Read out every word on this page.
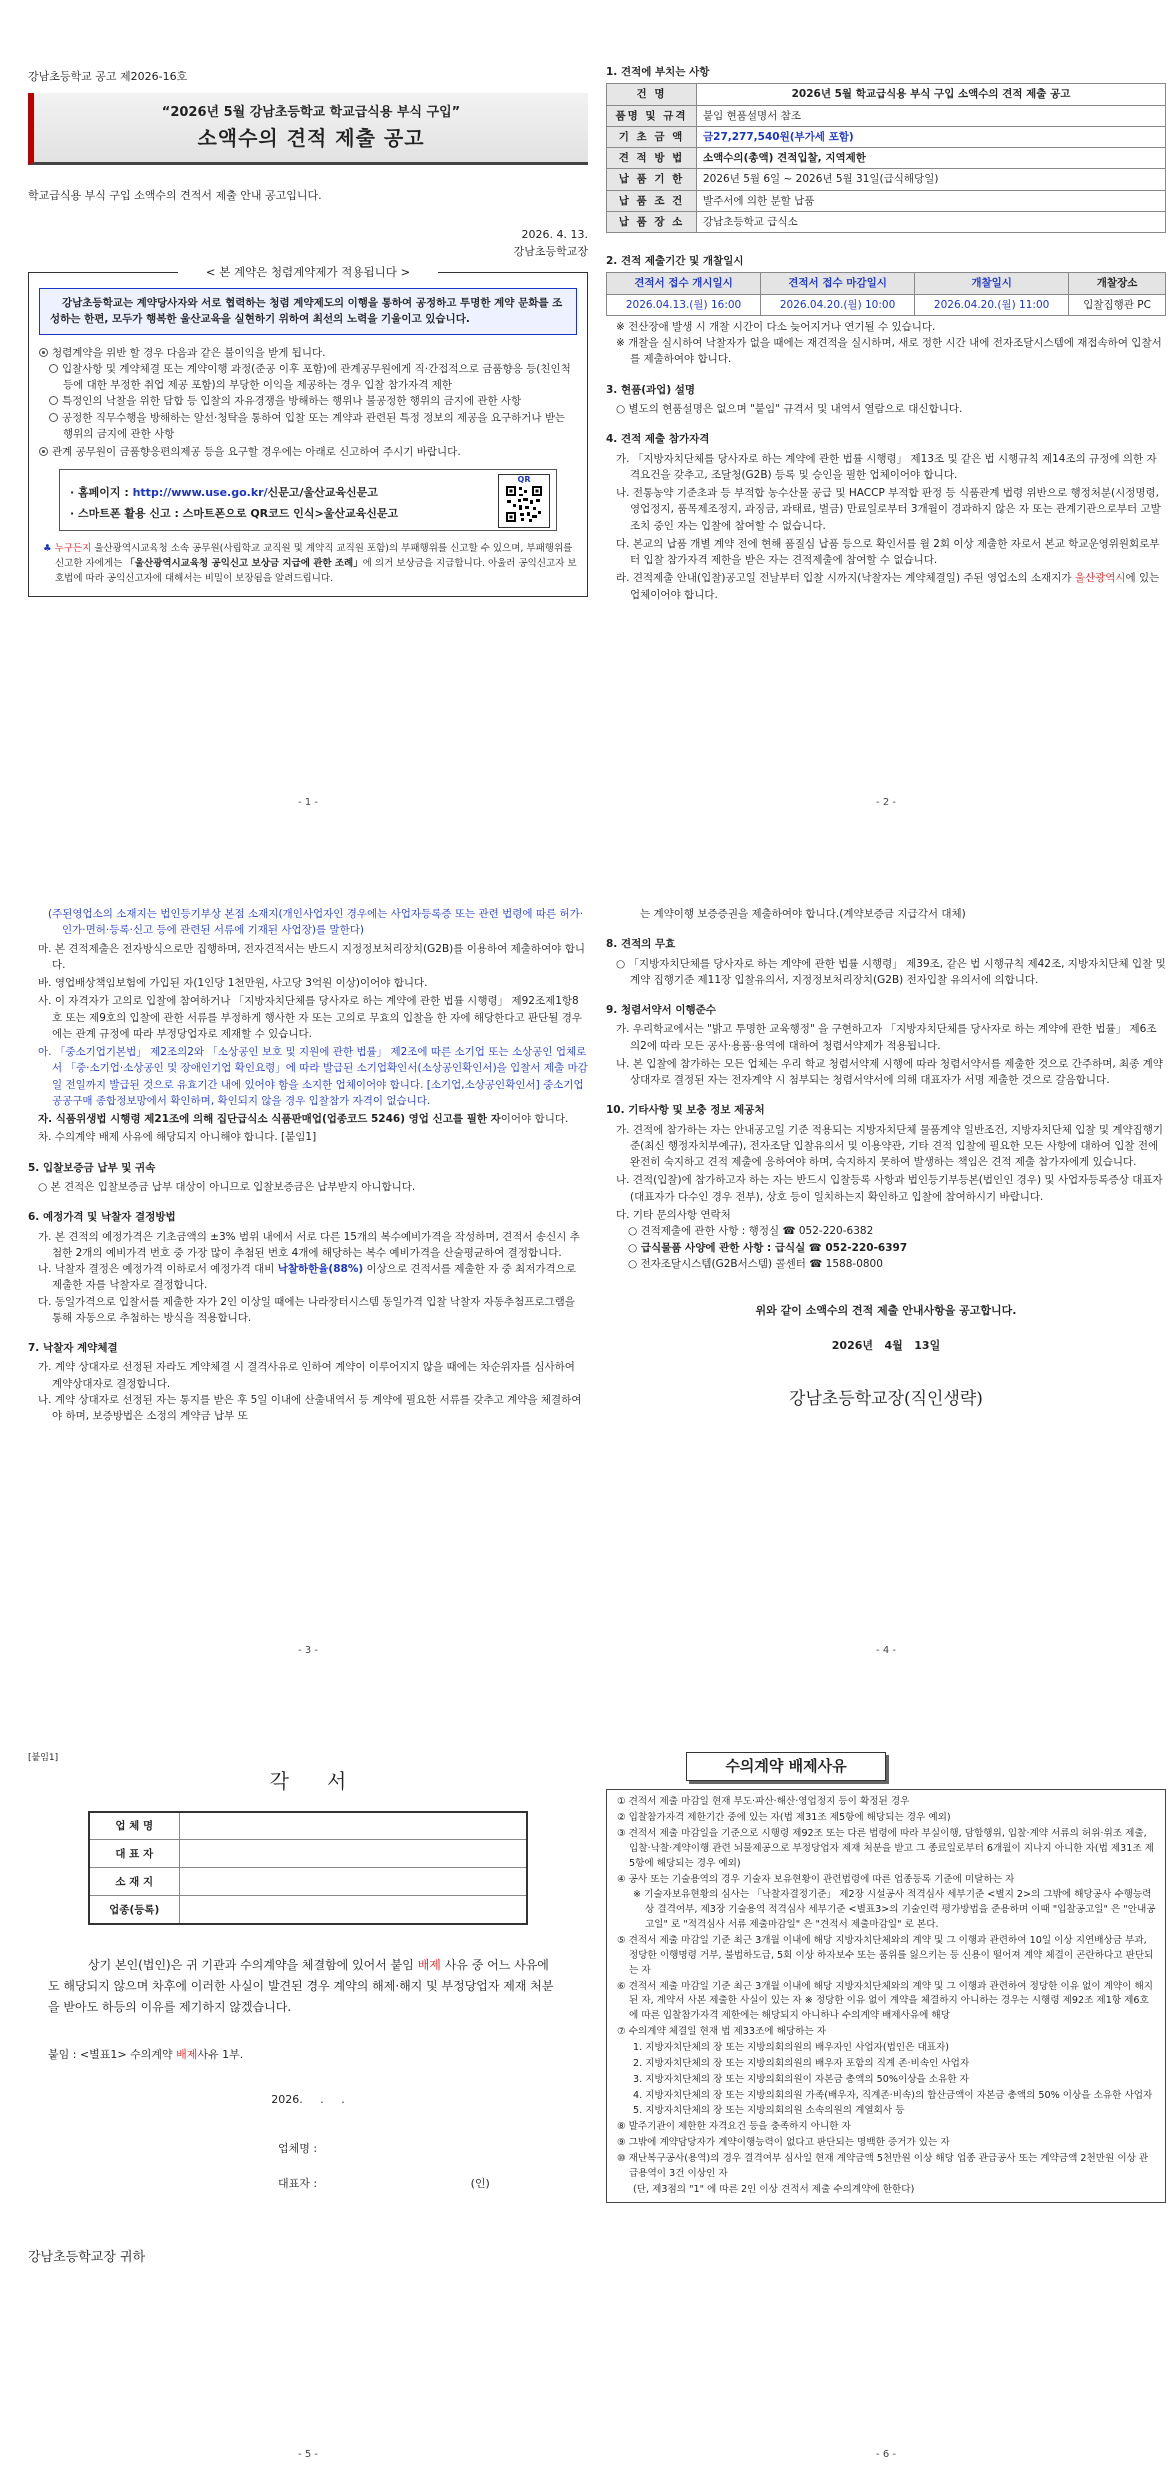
강남초등학교 공고 제2026-16호

“2026년 5월 강남초등학교 학교급식용 부식 구입”

소액수의 견적 제출 공고

학교급식용 부식 구입 소액수의 견적서 제출 안내 공고입니다.

2026. 4. 13.

강남초등학교장

< 본 계약은 청렴계약제가 적용됩니다 >

강남초등학교는 계약당사자와 서로 협력하는 청렴 계약제도의 이행을 통하여 공정하고 투명한 계약 문화를 조성하는 한편, 모두가 행복한 울산교육을 실현하기 위하여 최선의 노력을 기울이고 있습니다.

청렴계약을 위반 할 경우 다음과 같은 불이익을 받게 됩니다.

입찰사항 및 계약체결 또는 계약이행 과정(준공 이후 포함)에 관계공무원에게 직·간접적으로 금품향응 등(친인척 등에 대한 부정한 취업 제공 포함)의 부당한 이익을 제공하는 경우 입찰 참가자격 제한

특정인의 낙찰을 위한 담합 등 입찰의 자유경쟁을 방해하는 행위나 불공정한 행위의 금지에 관한 사항

공정한 직무수행을 방해하는 알선·청탁을 통하여 입찰 또는 계약과 관련된 특정 정보의 제공을 요구하거나 받는 행위의 금지에 관한 사항

관계 공무원이 금품향응편의제공 등을 요구할 경우에는 아래로 신고하여 주시기 바랍니다.

· 홈페이지 : http://www.use.go.kr/신문고/울산교육신문고

· 스마트폰 활용 신고 : 스마트폰으로 QR코드 인식>울산교육신문고

QR

♣ 누구든지 울산광역시교육청 소속 공무원(사립학교 교직원 및 계약직 교직원 포함)의 부패행위를 신고할 수 있으며, 부패행위를 신고한 자에게는 「울산광역시교육청 공익신고 보상금 지급에 관한 조례」에 의거 보상금을 지급합니다. 아울러 공익신고자 보호법에 따라 공익신고자에 대해서는 비밀이 보장됨을 알려드립니다.

- 1 -

1. 견적에 부치는 사항

건 명	2026년 5월 학교급식용 부식 구입 소액수의 견적 제출 공고
품명 및 규격	붙임 현품설명서 참조
기 초 금 액	금27,277,540원(부가세 포함)
견 적 방 법	소액수의(총액) 견적입찰, 지역제한
납 품 기 한	2026년 5월 6일 ~ 2026년 5월 31일(급식해당일)
납 품 조 건	발주서에 의한 분할 납품
납 품 장 소	강남초등학교 급식소

2. 견적 제출기간 및 개찰일시

견적서 접수 개시일시	견적서 접수 마감일시	개찰일시	개찰장소
2026.04.13.(월) 16:00	2026.04.20.(월) 10:00	2026.04.20.(월) 11:00	입찰집행관 PC

※ 전산장애 발생 시 개찰 시간이 다소 늦어지거나 연기될 수 있습니다.

※ 개찰을 실시하여 낙찰자가 없을 때에는 재견적을 실시하며, 새로 정한 시간 내에 전자조달시스템에 재접속하여 입찰서를 제출하여야 합니다.

3. 현품(과업) 설명

○ 별도의 현품설명은 없으며 "붙임" 규격서 및 내역서 열람으로 대신합니다.

4. 견적 제출 참가자격

가. 「지방자치단체를 당사자로 하는 계약에 관한 법률 시행령」 제13조 및 같은 법 시행규칙 제14조의 규정에 의한 자격요건을 갖추고, 조달청(G2B) 등록 및 승인을 필한 업체이어야 합니다.

나. 전통농약 기준초과 등 부적합 농수산물 공급 및 HACCP 부적합 판정 등 식품관계 법령 위반으로 행정처분(시정명령, 영업정지, 품목제조정지, 과징금, 과태료, 벌금) 만료일로부터 3개월이 경과하지 않은 자 또는 관계기관으로부터 고발조치 중인 자는 입찰에 참여할 수 없습니다.

다. 본교의 납품 개별 계약 전에 현해 품질심 납품 등으로 확인서를 월 2회 이상 제출한 자로서 본교 학교운영위원회로부터 입찰 참가자격 제한을 받은 자는 견적제출에 참여할 수 없습니다.

라. 견적제출 안내(입찰)공고일 전날부터 입찰 시까지(낙찰자는 계약체결일) 주된 영업소의 소재지가 울산광역시에 있는 업체이어야 합니다.

- 2 -

(주된영업소의 소재지는 법인등기부상 본점 소재지(개인사업자인 경우에는 사업자등록증 또는 관련 법령에 따른 허가·인가·면허·등록·신고 등에 관련된 서류에 기재된 사업장)를 말한다)

마. 본 견적제출은 전자방식으로만 집행하며, 전자견적서는 반드시 지정정보처리장치(G2B)를 이용하여 제출하여야 합니다.

바. 영업배상책임보험에 가입된 자(1인당 1천만원, 사고당 3억원 이상)이어야 합니다.

사. 이 자격자가 고의로 입찰에 참여하거나 「지방자치단체를 당사자로 하는 계약에 관한 법률 시행령」 제92조제1항8호 또는 제9호의 입찰에 관한 서류를 부정하게 행사한 자 또는 고의로 무효의 입찰을 한 자에 해당한다고 판단될 경우에는 관계 규정에 따라 부정당업자로 제재할 수 있습니다.

아. 「중소기업기본법」 제2조의2와 「소상공인 보호 및 지원에 관한 법률」 제2조에 따른 소기업 또는 소상공인 업체로서 「중·소기업·소상공인 및 장애인기업 확인요령」에 따라 발급된 소기업확인서(소상공인확인서)을 입찰서 제출 마감일 전일까지 발급된 것으로 유효기간 내에 있어야 함을 소지한 업체이어야 합니다. [소기업,소상공인확인서] 중소기업공공구매 종합정보망에서 확인하며, 확인되지 않을 경우 입찰참가 자격이 없습니다.

자. 식품위생법 시행령 제21조에 의해 집단급식소 식품판매업(업종코드 5246) 영업 신고를 필한 자이어야 합니다.

차. 수의계약 배제 사유에 해당되지 아니해야 합니다. [붙임1]

5. 입찰보증금 납부 및 귀속

○ 본 견적은 입찰보증금 납부 대상이 아니므로 입찰보증금은 납부받지 아니합니다.

6. 예정가격 및 낙찰자 결정방법

가. 본 견적의 예정가격은 기초금액의 ±3% 범위 내에서 서로 다른 15개의 복수예비가격을 작성하며, 견적서 송신시 추첨한 2개의 예비가격 번호 중 가장 많이 추첨된 번호 4개에 해당하는 복수 예비가격을 산술평균하여 결정합니다.

나. 낙찰자 결정은 예정가격 이하로서 예정가격 대비 낙찰하한율(88%) 이상으로 견적서를 제출한 자 중 최저가격으로 제출한 자를 낙찰자로 결정합니다.

다. 동일가격으로 입찰서를 제출한 자가 2인 이상일 때에는 나라장터시스템 동일가격 입찰 낙찰자 자동추첨프로그램을 통해 자동으로 추첨하는 방식을 적용합니다.

7. 낙찰자 계약체결

가. 계약 상대자로 선정된 자라도 계약체결 시 결격사유로 인하여 계약이 이루어지지 않을 때에는 차순위자를 심사하여 계약상대자로 결정합니다.

나. 계약 상대자로 선정된 자는 통지를 받은 후 5일 이내에 산출내역서 등 계약에 필요한 서류를 갖추고 계약을 체결하여야 하며, 보증방법은 소정의 계약금 납부 또

- 3 -

는 계약이행 보증증권을 제출하여야 합니다.(계약보증금 지급각서 대체)

8. 견적의 무효

○ 「지방자치단체를 당사자로 하는 계약에 관한 법률 시행령」 제39조, 같은 법 시행규칙 제42조, 지방자치단체 입찰 및 계약 집행기준 제11장 입찰유의서, 지정정보처리장치(G2B) 전자입찰 유의서에 의합니다.

9. 청렴서약서 이행준수

가. 우리학교에서는 "밝고 투명한 교육행정" 을 구현하고자 「지방자치단체를 당사자로 하는 계약에 관한 법률」 제6조의2에 따라 모든 공사·용품·용역에 대하여 청렴서약제가 적용됩니다.

나. 본 입찰에 참가하는 모든 업체는 우리 학교 청렴서약제 시행에 따라 청렴서약서를 제출한 것으로 간주하며, 최종 계약 상대자로 결정된 자는 전자계약 시 첨부되는 청렴서약서에 의해 대표자가 서명 제출한 것으로 갈음합니다.

10. 기타사항 및 보충 정보 제공처

가. 견적에 참가하는 자는 안내공고일 기준 적용되는 지방자치단체 물품계약 일반조건, 지방자치단체 입찰 및 계약집행기준(최신 행정자치부예규), 전자조달 입찰유의서 및 이용약관, 기타 견적 입찰에 필요한 모든 사항에 대하여 입찰 전에 완전히 숙지하고 견적 제출에 응하여야 하며, 숙지하지 못하여 발생하는 책임은 견적 제출 참가자에게 있습니다.

나. 견적(입찰)에 참가하고자 하는 자는 반드시 입찰등록 사항과 법인등기부등본(법인인 경우) 및 사업자등록증상 대표자(대표자가 다수인 경우 전부), 상호 등이 일치하는지 확인하고 입찰에 참여하시기 바랍니다.

다. 기타 문의사항 연락처

○ 견적제출에 관한 사항 : 행정실 ☎ 052-220-6382

○ 급식물품 사양에 관한 사항 : 급식실 ☎ 052-220-6397

○ 전자조달시스템(G2B서스템) 콜센터 ☎ 1588-0800

위와 같이 소액수의 견적 제출 안내사항을 공고합니다.

2026년   4월   13일

강남초등학교장(직인생략)

- 4 -

[붙임1]

각      서

업 체 명	
대 표 자	
소 재 지	
업종(등록)	

상기 본인(법인)은 귀 기관과 수의계약을 체결함에 있어서 붙임 배제 사유 중 어느 사유에도 해당되지 않으며 차후에 이러한 사실이 발견된 경우 계약의 해제·해지 및 부정당업자 제재 처분을 받아도 하등의 이유를 제기하지 않겠습니다.

붙임 : <별표1> 수의계약 배제사유 1부.

2026.     .     .

업체명 :

대표자 :	(인)

강남초등학교장 귀하

- 5 -

수의계약 배제사유

① 견적서 제출 마감일 현재 부도·파산·해산·영업정지 등이 확정된 경우

② 입찰참가자격 제한기간 중에 있는 자(법 제31조 제5항에 해당되는 경우 예외)

③ 견적서 제출 마감일을 기준으로 시행령 제92조 또는 다른 법령에 따라 부실이행, 담합행위, 입찰·계약 서류의 허위·위조 제출, 입찰·낙찰·계약이행 관련 뇌물제공으로 부정당업자 제재 처분을 받고 그 종료일로부터 6개월이 지나지 아니한 자(법 제31조 제5항에 해당되는 경우 예외)

④ 공사 또는 기술용역의 경우 기술자 보유현황이 관련법령에 따른 업종등록 기준에 미달하는 자

※ 기술자보유현황의 심사는 「낙찰자결정기준」 제2장 시설공사 적격심사 세부기준 <별지 2>의 그밖에 해당공사 수행능력상 결격여부, 제3장 기술용역 적격심사 세부기준 <별표3>의 기술인력 평가방법을 준용하며 이때 "입찰공고일" 은 "안내공고일" 로 "적격심사 서류 제출마감일" 은 "견적서 제출마감일" 로 본다.

⑤ 견적서 제출 마감일 기준 최근 3개월 이내에 해당 지방자치단체와의 계약 및 그 이행과 관련하여 10일 이상 지연배상금 부과, 정당한 이행명령 거부, 불법하도급, 5회 이상 하자보수 또는 품위를 잃으키는 등 신용이 떨어져 계약 체결이 곤란하다고 판단되는 자

⑥ 견적서 제출 마감일 기준 최근 3개월 이내에 해당 지방자치단체와의 계약 및 그 이행과 관련하여 정당한 이유 없이 계약이 해지된 자, 계약서 사본 제출한 사실이 있는 자 ※ 정당한 이유 없이 계약을 체결하지 아니하는 경우는 시행령 제92조 제1항 제6호에 따른 입찰참가자격 제한에는 해당되지 아니하나 수의계약 배제사유에 해당

⑦ 수의계약 체결일 현재 법 제33조에 해당하는 자

1. 지방자치단체의 장 또는 지방의회의원의 배우자인 사업자(법인은 대표자)

2. 지방자치단체의 장 또는 지방의회의원의 배우자 포함의 직계 존·비속인 사업자

3. 지방자치단체의 장 또는 지방의회의원이 자본금 총액의 50%이상을 소유한 자

4. 지방자치단체의 장 또는 지방의회의원 가족(배우자, 직계존·비속)의 합산금액이 자본금 총액의 50% 이상을 소유한 사업자

5. 지방자치단체의 장 또는 지방의회의원 소속의원의 계열회사 등

⑧ 발주기관이 제한한 자격요건 등을 충족하지 아니한 자

⑨ 그밖에 계약담당자가 계약이행능력이 없다고 판단되는 명백한 증거가 있는 자

⑩ 재난복구공사(용역)의 경우 결격여부 심사일 현재 계약금액 5천만원 이상 해당 업종 관급공사 또는 계약금액 2천만원 이상 관급용역이 3건 이상인 자

(단, 제3점의 "1" 에 따른 2인 이상 견적서 제출 수의계약에 한한다)

- 6 -
